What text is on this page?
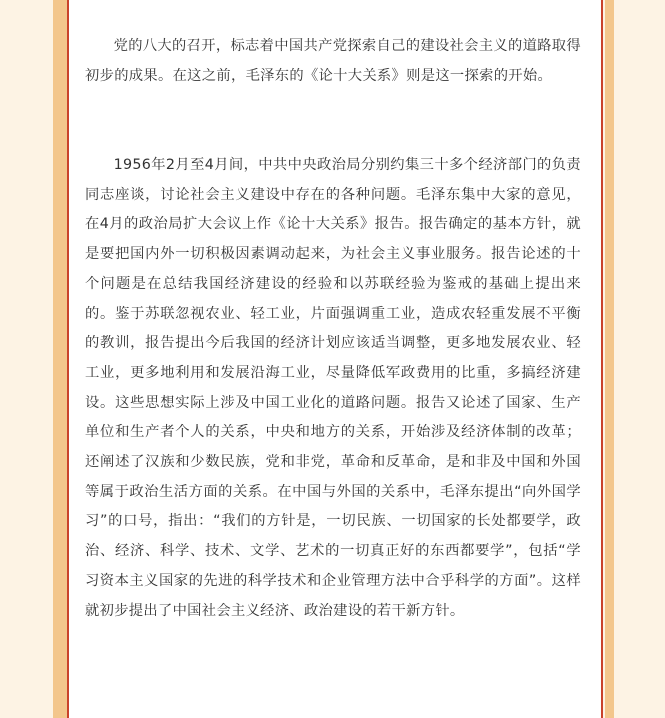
党的八大的召开，标志着中国共产党探索自己的建设社会主义的道路取得初步的成果。在这之前，毛泽东的《论十大关系》则是这一探索的开始。

1956年2月至4月间，中共中央政治局分别约集三十多个经济部门的负责同志座谈，讨论社会主义建设中存在的各种问题。毛泽东集中大家的意见，在4月的政治局扩大会议上作《论十大关系》报告。报告确定的基本方针，就是要把国内外一切积极因素调动起来，为社会主义事业服务。报告论述的十个问题是在总结我国经济建设的经验和以苏联经验为鉴戒的基础上提出来的。鉴于苏联忽视农业、轻工业，片面强调重工业，造成农轻重发展不平衡的教训，报告提出今后我国的经济计划应该适当调整，更多地发展农业、轻工业，更多地利用和发展沿海工业，尽量降低军政费用的比重，多搞经济建设。这些思想实际上涉及中国工业化的道路问题。报告又论述了国家、生产单位和生产者个人的关系，中央和地方的关系，开始涉及经济体制的改革；还阐述了汉族和少数民族，党和非党，革命和反革命，是和非及中国和外国等属于政治生活方面的关系。在中国与外国的关系中，毛泽东提出“向外国学习”的口号，指出：“我们的方针是，一切民族、一切国家的长处都要学，政治、经济、科学、技术、文学、艺术的一切真正好的东西都要学”，包括“学习资本主义国家的先进的科学技术和企业管理方法中合乎科学的方面”。这样就初步提出了中国社会主义经济、政治建设的若干新方针。
